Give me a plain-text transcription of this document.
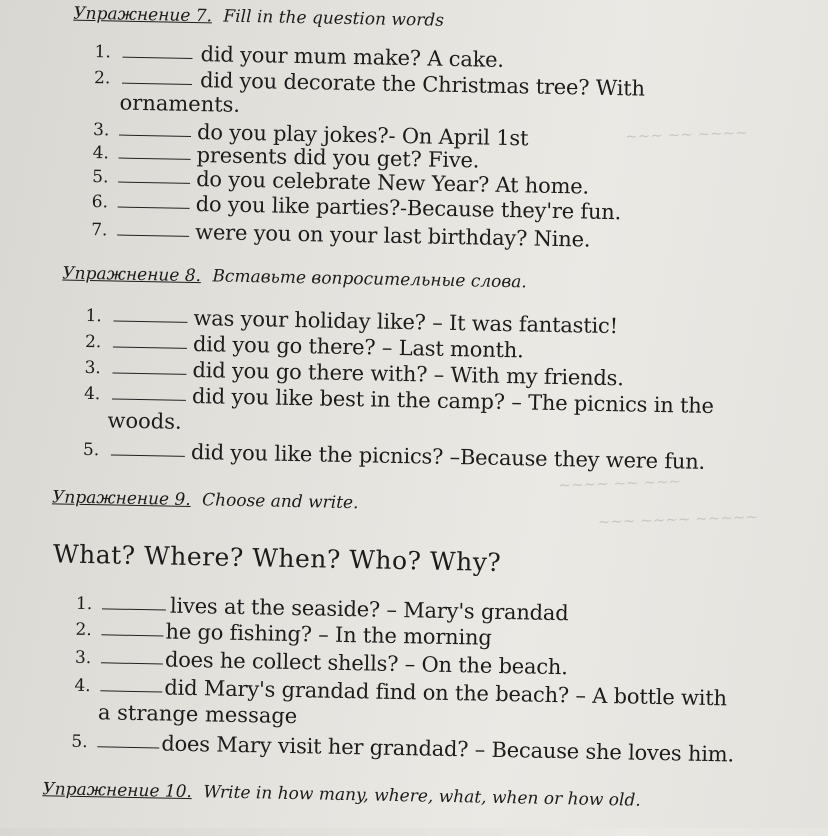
~~~ ~~ ~~~~
~~~~ ~~ ~~~
~~~ ~~~~ ~~~~~
Упражнение 7. Fill in the question words
1.	did your mum make? A cake.
2.	did you decorate the Christmas tree? With
ornaments.
3.	do you play jokes?- On April 1st
4.	presents did you get? Five.
5.	do you celebrate New Year? At home.
6.	do you like parties?-Because they're fun.
7.	were you on your last birthday? Nine.
Упражнение 8. Вставьте вопросительные слова.
1.	was your holiday like? – It was fantastic!
2.	did you go there? – Last month.
3.	did you go there with? – With my friends.
4.	did you like best in the camp? – The picnics in the
woods.
5.	did you like the picnics? –Because they were fun.
Упражнение 9. Choose and write.
What? Where? When? Who? Why?
1.	lives at the seaside? – Mary's grandad
2.	he go fishing? – In the morning
3.	does he collect shells? – On the beach.
4.	did Mary's grandad find on the beach? – A bottle with
a strange message
5.	does Mary visit her grandad? – Because she loves him.
Упражнение 10. Write in how many, where, what, when or how old.
